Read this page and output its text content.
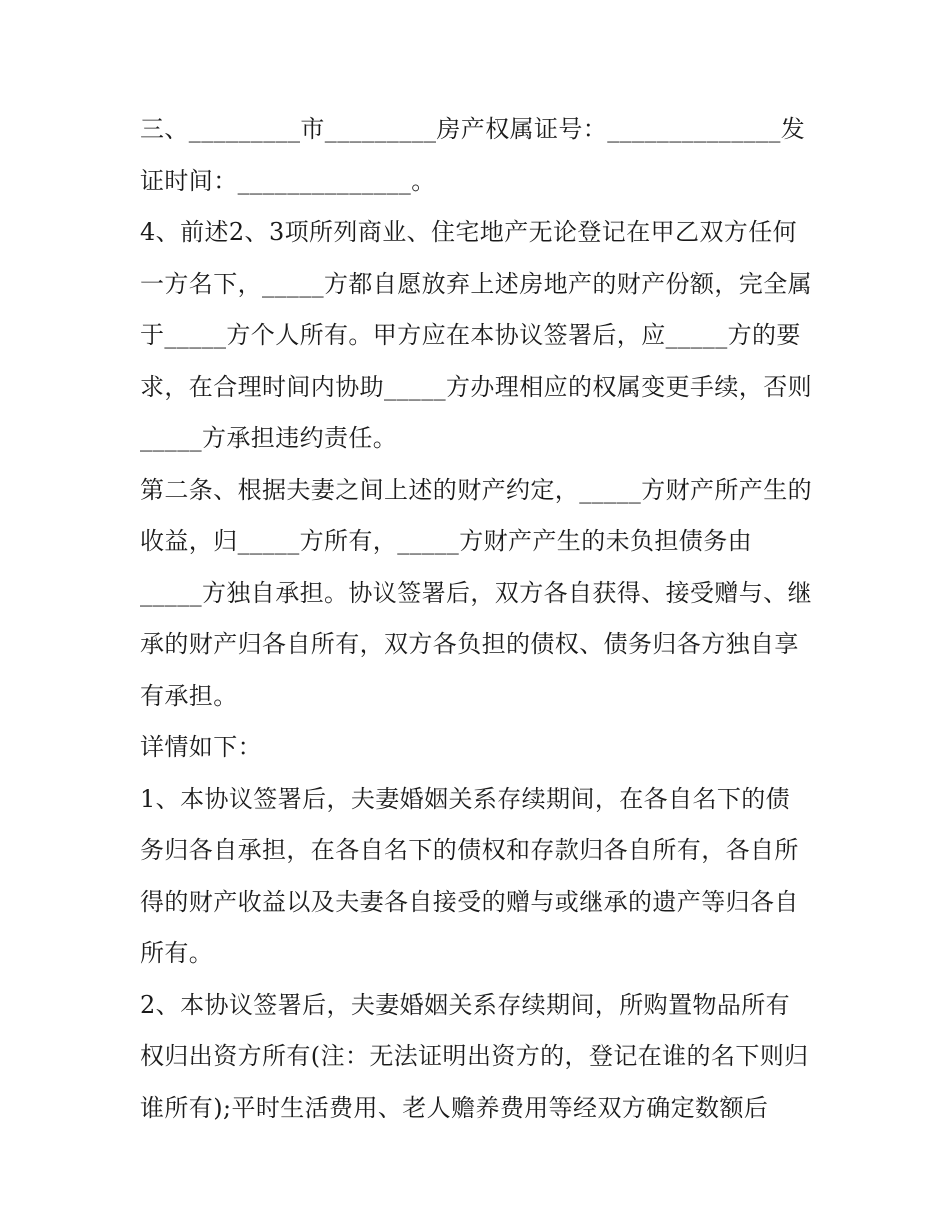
三、_________市_________房产权属证号：______________发证时间：______________。

4、前述2、3项所列商业、住宅地产无论登记在甲乙双方任何一方名下，_____方都自愿放弃上述房地产的财产份额，完全属于_____方个人所有。甲方应在本协议签署后，应_____方的要求，在合理时间内协助_____方办理相应的权属变更手续，否则_____方承担违约责任。

第二条、根据夫妻之间上述的财产约定，_____方财产所产生的收益，归_____方所有，_____方财产产生的未负担债务由_____方独自承担。协议签署后，双方各自获得、接受赠与、继承的财产归各自所有，双方各负担的债权、债务归各方独自享有承担。

详情如下：

1、本协议签署后，夫妻婚姻关系存续期间，在各自名下的债务归各自承担，在各自名下的债权和存款归各自所有，各自所得的财产收益以及夫妻各自接受的赠与或继承的遗产等归各自所有。

2、本协议签署后，夫妻婚姻关系存续期间，所购置物品所有权归出资方所有(注：无法证明出资方的，登记在谁的名下则归谁所有);平时生活费用、老人赡养费用等经双方确定数额后
